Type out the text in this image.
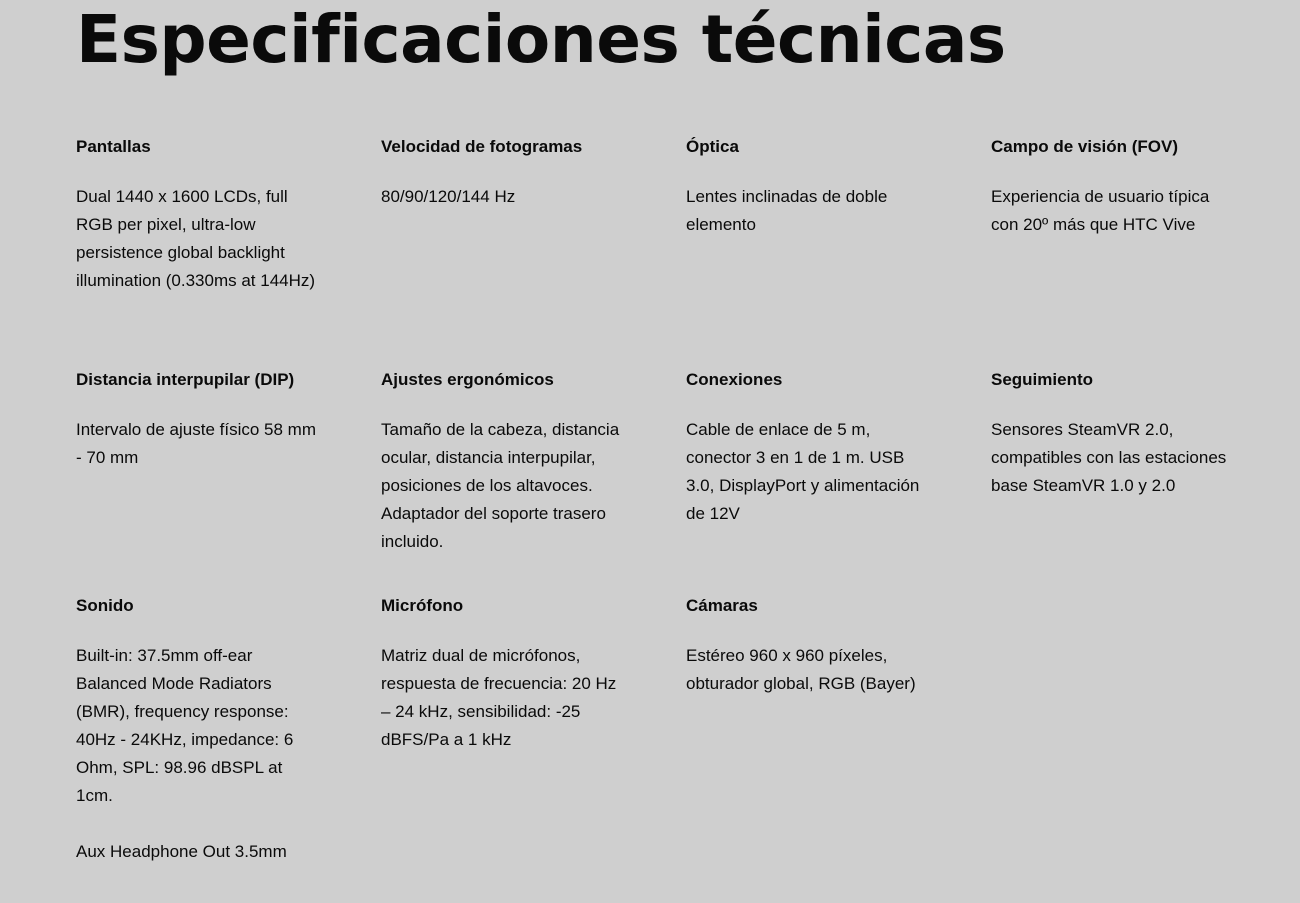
Especificaciones técnicas

Pantallas

Dual 1440 x 1600 LCDs, full RGB per pixel, ultra-low persistence global backlight illumination (0.330ms at 144Hz)

Velocidad de fotogramas

80/90/120/144 Hz

Óptica

Lentes inclinadas de doble elemento

Campo de visión (FOV)

Experiencia de usuario típica con 20º más que HTC Vive

Distancia interpupilar (DIP)

Intervalo de ajuste físico 58 mm - 70 mm

Ajustes ergonómicos

Tamaño de la cabeza, distancia ocular, distancia interpupilar, posiciones de los altavoces. Adaptador del soporte trasero incluido.

Conexiones

Cable de enlace de 5 m, conector 3 en 1 de 1 m. USB 3.0, DisplayPort y alimentación de 12V

Seguimiento

Sensores SteamVR 2.0, compatibles con las estaciones base SteamVR 1.0 y 2.0

Sonido

Built-in: 37.5mm off-ear Balanced Mode Radiators (BMR), frequency response: 40Hz - 24KHz, impedance: 6 Ohm, SPL: 98.96 dBSPL at 1cm.

Aux Headphone Out 3.5mm

Micrófono

Matriz dual de micrófonos, respuesta de frecuencia: 20 Hz – 24 kHz, sensibilidad: -25 dBFS/Pa a 1 kHz

Cámaras

Estéreo 960 x 960 píxeles, obturador global, RGB (Bayer)
